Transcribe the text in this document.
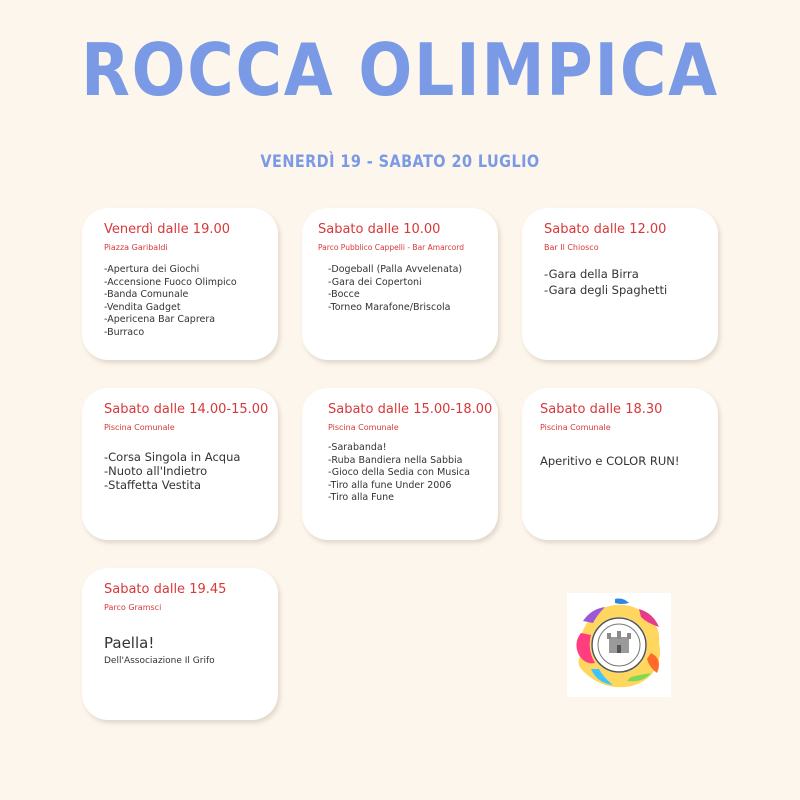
ROCCA OLIMPICA
VENERDÌ 19 - SABATO 20 LUGLIO
Venerdì dalle 19.00
Piazza Garibaldi
-Apertura dei Giochi
-Accensione Fuoco Olimpico
-Banda Comunale
-Vendita Gadget
-Apericena Bar Caprera
-Burraco
Sabato dalle 10.00
Parco Pubblico Cappelli - Bar Amarcord
-Dogeball (Palla Avvelenata)
-Gara dei Copertoni
-Bocce
-Torneo Marafone/Briscola
Sabato dalle 12.00
Bar Il Chiosco
-Gara della Birra
-Gara degli Spaghetti
Sabato dalle 14.00-15.00
Piscina Comunale
-Corsa Singola in Acqua
-Nuoto all'Indietro
-Staffetta Vestita
Sabato dalle 15.00-18.00
Piscina Comunale
-Sarabanda!
-Ruba Bandiera nella Sabbia
-Gioco della Sedia con Musica
-Tiro alla fune Under 2006
-Tiro alla Fune
Sabato dalle 18.30
Piscina Comunale
Aperitivo e COLOR RUN!
Sabato dalle 19.45
Parco Gramsci
Paella!
Dell'Associazione Il Grifo
